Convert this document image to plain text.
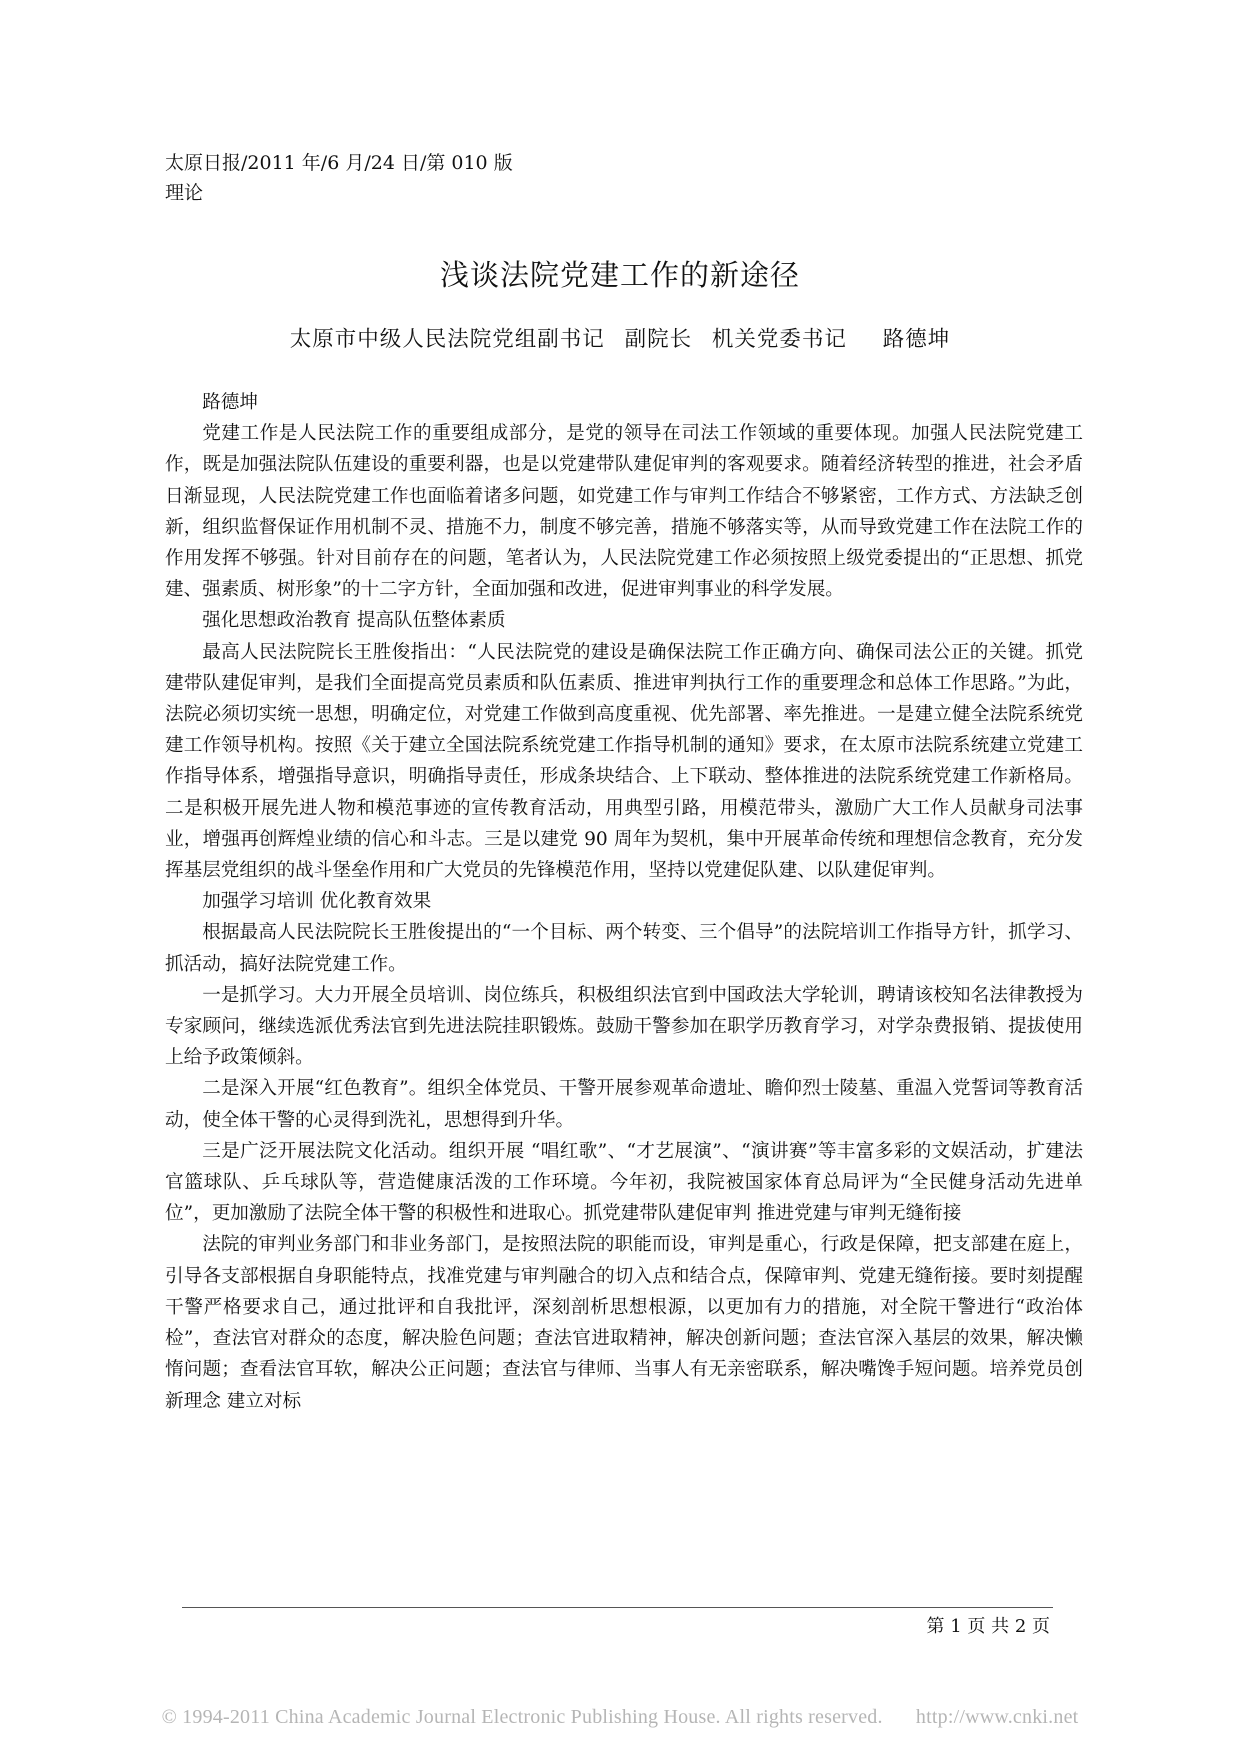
太原日报/2011 年/6 月/24 日/第 010 版
理论
浅谈法院党建工作的新途径
太原市中级人民法院党组副书记 副院长 机关党委书记 路德坤

路德坤

党建工作是人民法院工作的重要组成部分，是党的领导在司法工作领域的重要体现。加强人民法院党建工作，既是加强法院队伍建设的重要利器，也是以党建带队建促审判的客观要求。随着经济转型的推进，社会矛盾日渐显现，人民法院党建工作也面临着诸多问题，如党建工作与审判工作结合不够紧密，工作方式、方法缺乏创新，组织监督保证作用机制不灵、措施不力，制度不够完善，措施不够落实等，从而导致党建工作在法院工作的作用发挥不够强。针对目前存在的问题，笔者认为，人民法院党建工作必须按照上级党委提出的“正思想、抓党建、强素质、树形象”的十二字方针，全面加强和改进，促进审判事业的科学发展。

强化思想政治教育 提高队伍整体素质

最高人民法院院长王胜俊指出：“人民法院党的建设是确保法院工作正确方向、确保司法公正的关键。抓党建带队建促审判，是我们全面提高党员素质和队伍素质、推进审判执行工作的重要理念和总体工作思路。”为此，法院必须切实统一思想，明确定位，对党建工作做到高度重视、优先部署、率先推进。一是建立健全法院系统党建工作领导机构。按照《关于建立全国法院系统党建工作指导机制的通知》要求，在太原市法院系统建立党建工作指导体系，增强指导意识，明确指导责任，形成条块结合、上下联动、整体推进的法院系统党建工作新格局。二是积极开展先进人物和模范事迹的宣传教育活动，用典型引路，用模范带头，激励广大工作人员献身司法事业，增强再创辉煌业绩的信心和斗志。三是以建党 90 周年为契机，集中开展革命传统和理想信念教育，充分发挥基层党组织的战斗堡垒作用和广大党员的先锋模范作用，坚持以党建促队建、以队建促审判。

加强学习培训 优化教育效果

根据最高人民法院院长王胜俊提出的“一个目标、两个转变、三个倡导”的法院培训工作指导方针，抓学习、抓活动，搞好法院党建工作。

一是抓学习。大力开展全员培训、岗位练兵，积极组织法官到中国政法大学轮训，聘请该校知名法律教授为专家顾问，继续选派优秀法官到先进法院挂职锻炼。鼓励干警参加在职学历教育学习，对学杂费报销、提拔使用上给予政策倾斜。

二是深入开展“红色教育”。组织全体党员、干警开展参观革命遗址、瞻仰烈士陵墓、重温入党誓词等教育活动，使全体干警的心灵得到洗礼，思想得到升华。

三是广泛开展法院文化活动。组织开展 “唱红歌”、“才艺展演”、“演讲赛”等丰富多彩的文娱活动，扩建法官篮球队、乒乓球队等，营造健康活泼的工作环境。今年初，我院被国家体育总局评为“全民健身活动先进单位”，更加激励了法院全体干警的积极性和进取心。抓党建带队建促审判 推进党建与审判无缝衔接

法院的审判业务部门和非业务部门，是按照法院的职能而设，审判是重心，行政是保障，把支部建在庭上，引导各支部根据自身职能特点，找准党建与审判融合的切入点和结合点，保障审判、党建无缝衔接。要时刻提醒干警严格要求自己，通过批评和自我批评，深刻剖析思想根源，以更加有力的措施，对全院干警进行“政治体检”，查法官对群众的态度，解决脸色问题；查法官进取精神，解决创新问题；查法官深入基层的效果，解决懒惰问题；查看法官耳软，解决公正问题；查法官与律师、当事人有无亲密联系，解决嘴馋手短问题。培养党员创新理念 建立对标

第 1 页 共 2 页
© 1994-2011 China Academic Journal Electronic Publishing House. All rights reserved. http://www.cnki.net
